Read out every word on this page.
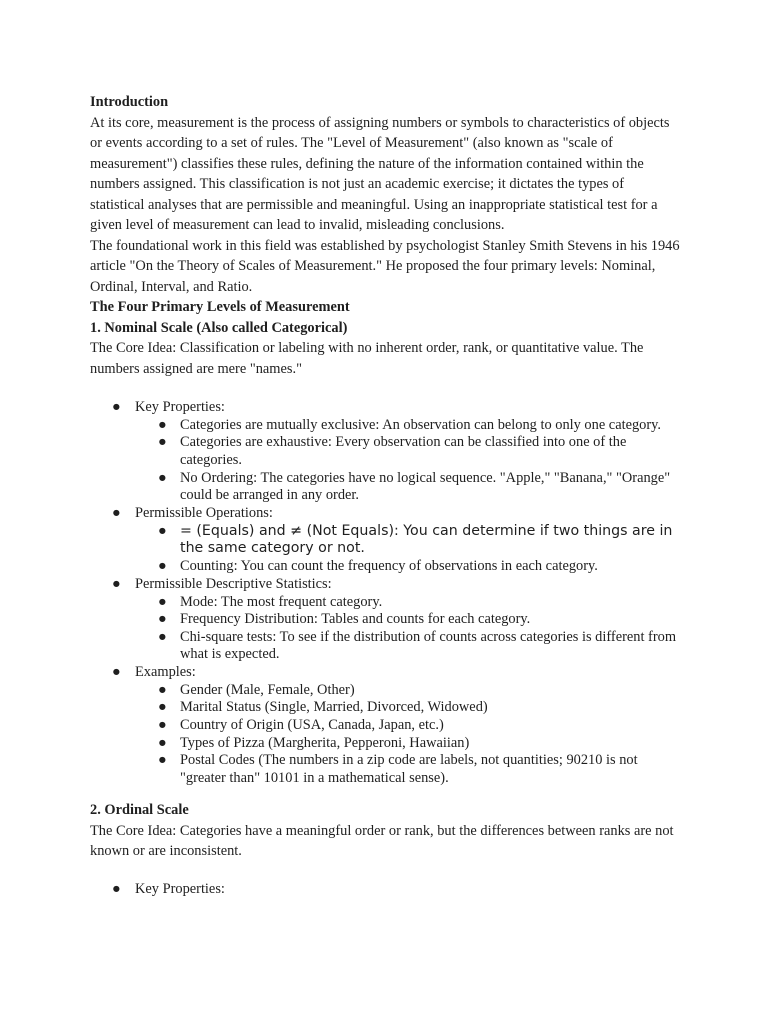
Introduction

At its core, measurement is the process of assigning numbers or symbols to characteristics of objects or events according to a set of rules. The "Level of Measurement" (also known as "scale of measurement") classifies these rules, defining the nature of the information contained within the numbers assigned. This classification is not just an academic exercise; it dictates the types of statistical analyses that are permissible and meaningful. Using an inappropriate statistical test for a given level of measurement can lead to invalid, misleading conclusions.

The foundational work in this field was established by psychologist Stanley Smith Stevens in his 1946 article "On the Theory of Scales of Measurement." He proposed the four primary levels: Nominal, Ordinal, Interval, and Ratio.

The Four Primary Levels of Measurement

1. Nominal Scale (Also called Categorical)

The Core Idea: Classification or labeling with no inherent order, rank, or quantitative value. The numbers assigned are mere "names."

● Key Properties:
● Categories are mutually exclusive: An observation can belong to only one category.
● Categories are exhaustive: Every observation can be classified into one of the categories.
● No Ordering: The categories have no logical sequence. "Apple," "Banana," "Orange" could be arranged in any order.
● Permissible Operations:
● = (Equals) and ≠ (Not Equals): You can determine if two things are in the same category or not.
● Counting: You can count the frequency of observations in each category.
● Permissible Descriptive Statistics:
● Mode: The most frequent category.
● Frequency Distribution: Tables and counts for each category.
● Chi-square tests: To see if the distribution of counts across categories is different from what is expected.
● Examples:
● Gender (Male, Female, Other)
● Marital Status (Single, Married, Divorced, Widowed)
● Country of Origin (USA, Canada, Japan, etc.)
● Types of Pizza (Margherita, Pepperoni, Hawaiian)
● Postal Codes (The numbers in a zip code are labels, not quantities; 90210 is not "greater than" 10101 in a mathematical sense).

2. Ordinal Scale

The Core Idea: Categories have a meaningful order or rank, but the differences between ranks are not known or are inconsistent.

● Key Properties:
